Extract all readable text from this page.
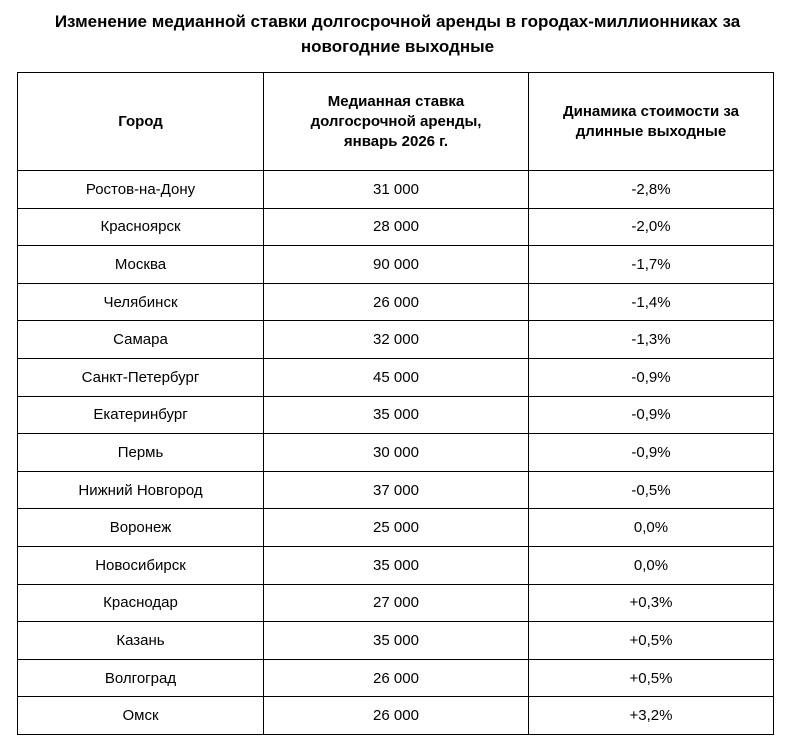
Изменение медианной ставки долгосрочной аренды в городах-миллионниках за новогодние выходные
Город	Медианная ставка долгосрочной аренды, январь 2026 г.	Динамика стоимости за длинные выходные
Ростов-на-Дону	31 000	-2,8%
Красноярск	28 000	-2,0%
Москва	90 000	-1,7%
Челябинск	26 000	-1,4%
Самара	32 000	-1,3%
Санкт-Петербург	45 000	-0,9%
Екатеринбург	35 000	-0,9%
Пермь	30 000	-0,9%
Нижний Новгород	37 000	-0,5%
Воронеж	25 000	0,0%
Новосибирск	35 000	0,0%
Краснодар	27 000	+0,3%
Казань	35 000	+0,5%
Волгоград	26 000	+0,5%
Омск	26 000	+3,2%
